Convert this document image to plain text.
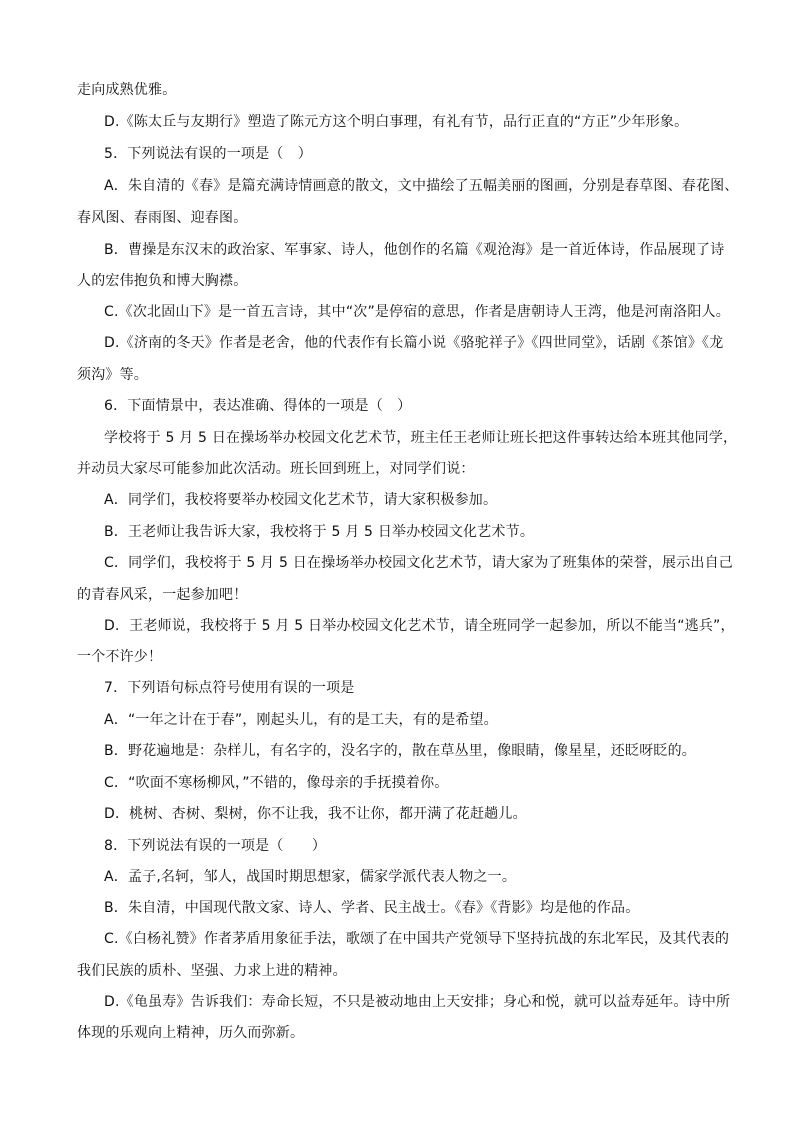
走向成熟优雅。

D.《陈太丘与友期行》塑造了陈元方这个明白事理，有礼有节，品行正直的“方正”少年形象。

5．下列说法有误的一项是（　）

A．朱自清的《春》是篇充满诗情画意的散文，文中描绘了五幅美丽的图画，分别是春草图、春花图、

春风图、春雨图、迎春图。

B．曹操是东汉末的政治家、军事家、诗人，他创作的名篇《观沧海》是一首近体诗，作品展现了诗

人的宏伟抱负和博大胸襟。

C.《次北固山下》是一首五言诗，其中“次”是停宿的意思，作者是唐朝诗人王湾，他是河南洛阳人。

D.《济南的冬天》作者是老舍，他的代表作有长篇小说《骆驼祥子》《四世同堂》，话剧《茶馆》《龙

须沟》等。

6．下面情景中，表达准确、得体的一项是（　）

学校将于 5 月 5 日在操场举办校园文化艺术节，班主任王老师让班长把这件事转达给本班其他同学，

并动员大家尽可能参加此次活动。班长回到班上，对同学们说：

A．同学们，我校将要举办校园文化艺术节，请大家积极参加。

B．王老师让我告诉大家，我校将于 5 月 5 日举办校园文化艺术节。

C．同学们，我校将于 5 月 5 日在操场举办校园文化艺术节，请大家为了班集体的荣誉，展示出自己

的青春风采，一起参加吧！

D．王老师说，我校将于 5 月 5 日举办校园文化艺术节，请全班同学一起参加，所以不能当“逃兵”，

一个不许少！

7．下列语句标点符号使用有误的一项是

A．“一年之计在于春”，刚起头儿，有的是工夫，有的是希望。

B．野花遍地是：杂样儿，有名字的，没名字的，散在草丛里，像眼睛，像星星，还眨呀眨的。

C．“吹面不寒杨柳风，”不错的，像母亲的手抚摸着你。

D．桃树、杏树、梨树，你不让我，我不让你，都开满了花赶趟儿。

8．下列说法有误的一项是（　　）

A．孟子,名轲，邹人，战国时期思想家，儒家学派代表人物之一。

B．朱自清，中国现代散文家、诗人、学者、民主战士。《春》《背影》均是他的作品。

C.《白杨礼赞》作者茅盾用象征手法，歌颂了在中国共产党领导下坚持抗战的东北军民，及其代表的

我们民族的质朴、坚强、力求上进的精神。

D.《龟虽寿》告诉我们：寿命长短，不只是被动地由上天安排；身心和悦，就可以益寿延年。诗中所

体现的乐观向上精神，历久而弥新。
